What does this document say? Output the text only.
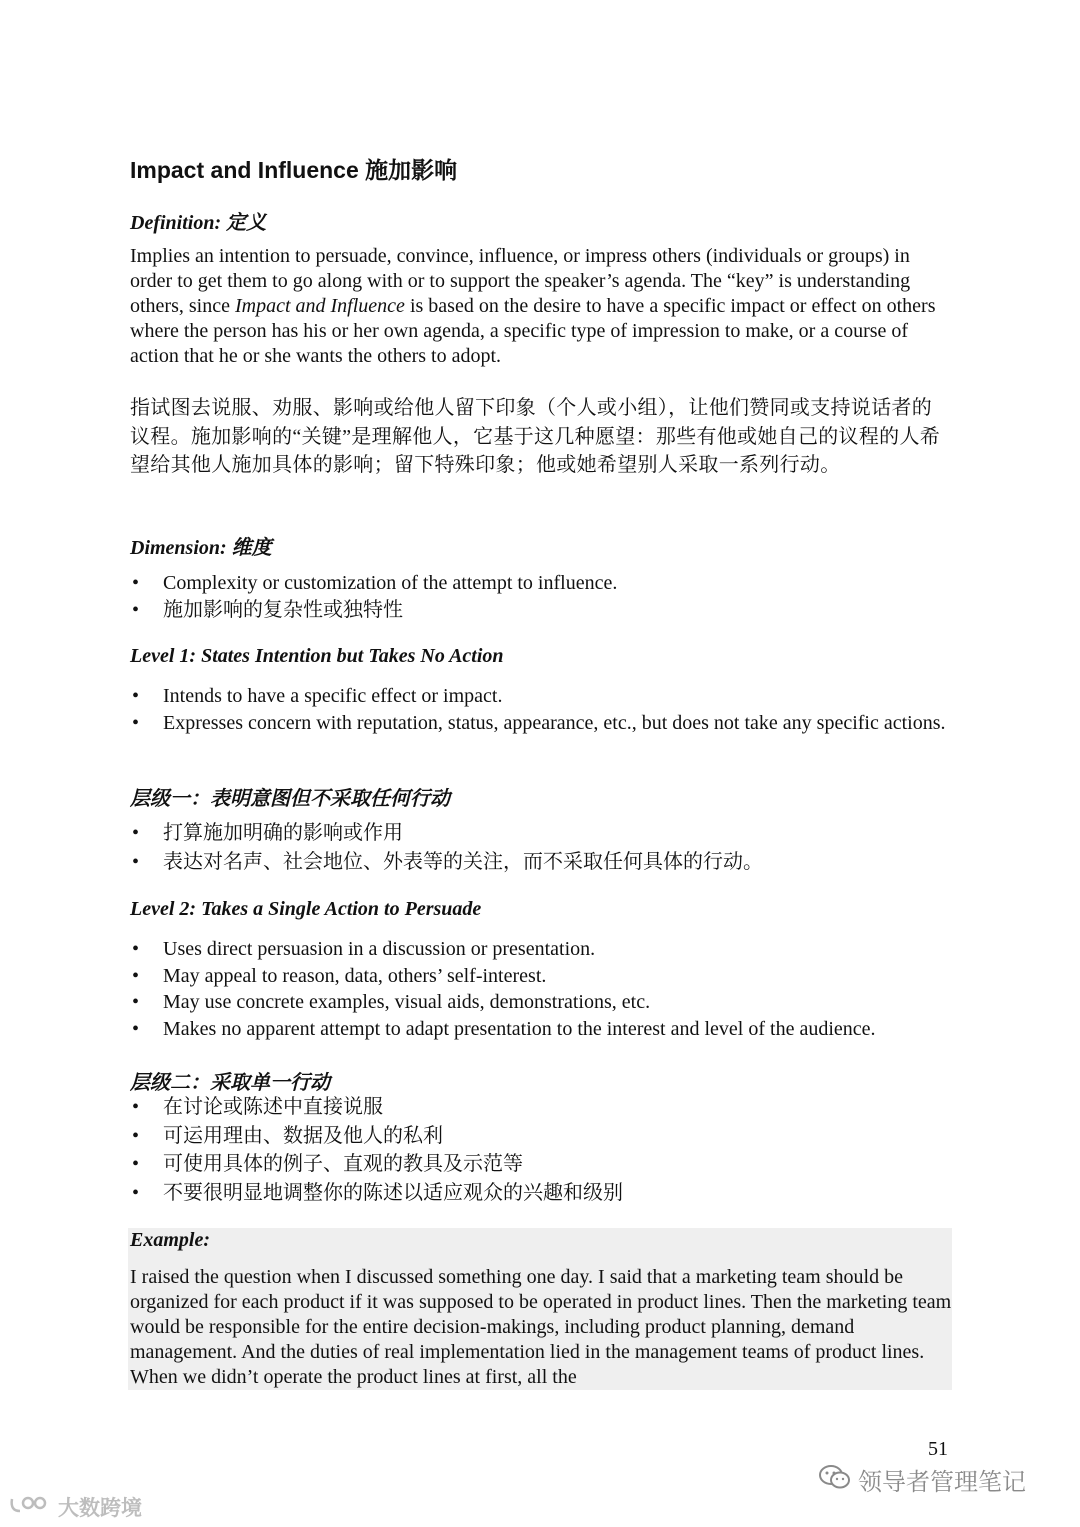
Impact and Influence 施加影响
Definition: 定义

Implies an intention to persuade, convince, influence, or impress others (individuals or groups) in order to get them to go along with or to support the speaker’s agenda. The “key” is understanding others, since Impact and Influence is based on the desire to have a specific impact or effect on others where the person has his or her own agenda, a specific type of impression to make, or a course of action that he or she wants the others to adopt.

指试图去说服、劝服、影响或给他人留下印象（个人或小组），让他们赞同或支持说话者的议程。施加影响的“关键”是理解他人，它基于这几种愿望：那些有他或她自己的议程的人希望给其他人施加具体的影响；留下特殊印象；他或她希望别人采取一系列行动。

Dimension: 维度
• Complexity or customization of the attempt to influence.
• 施加影响的复杂性或独特性
Level 1: States Intention but Takes No Action
• Intends to have a specific effect or impact.
• Expresses concern with reputation, status, appearance, etc., but does not take any specific actions.
层级一：表明意图但不采取任何行动
• 打算施加明确的影响或作用
• 表达对名声、社会地位、外表等的关注，而不采取任何具体的行动。
Level 2: Takes a Single Action to Persuade
• Uses direct persuasion in a discussion or presentation.
• May appeal to reason, data, others’ self-interest.
• May use concrete examples, visual aids, demonstrations, etc.
• Makes no apparent attempt to adapt presentation to the interest and level of the audience.
层级二：采取单一行动
• 在讨论或陈述中直接说服
• 可运用理由、数据及他人的私利
• 可使用具体的例子、直观的教具及示范等
• 不要很明显地调整你的陈述以适应观众的兴趣和级别
Example:

I raised the question when I discussed something one day. I said that a marketing team should be organized for each product if it was supposed to be operated in product lines. Then the marketing team would be responsible for the entire decision-makings, including product planning, demand management. And the duties of real implementation lied in the management teams of product lines. When we didn’t operate the product lines at first, all the

51
领导者管理笔记
大数跨境
